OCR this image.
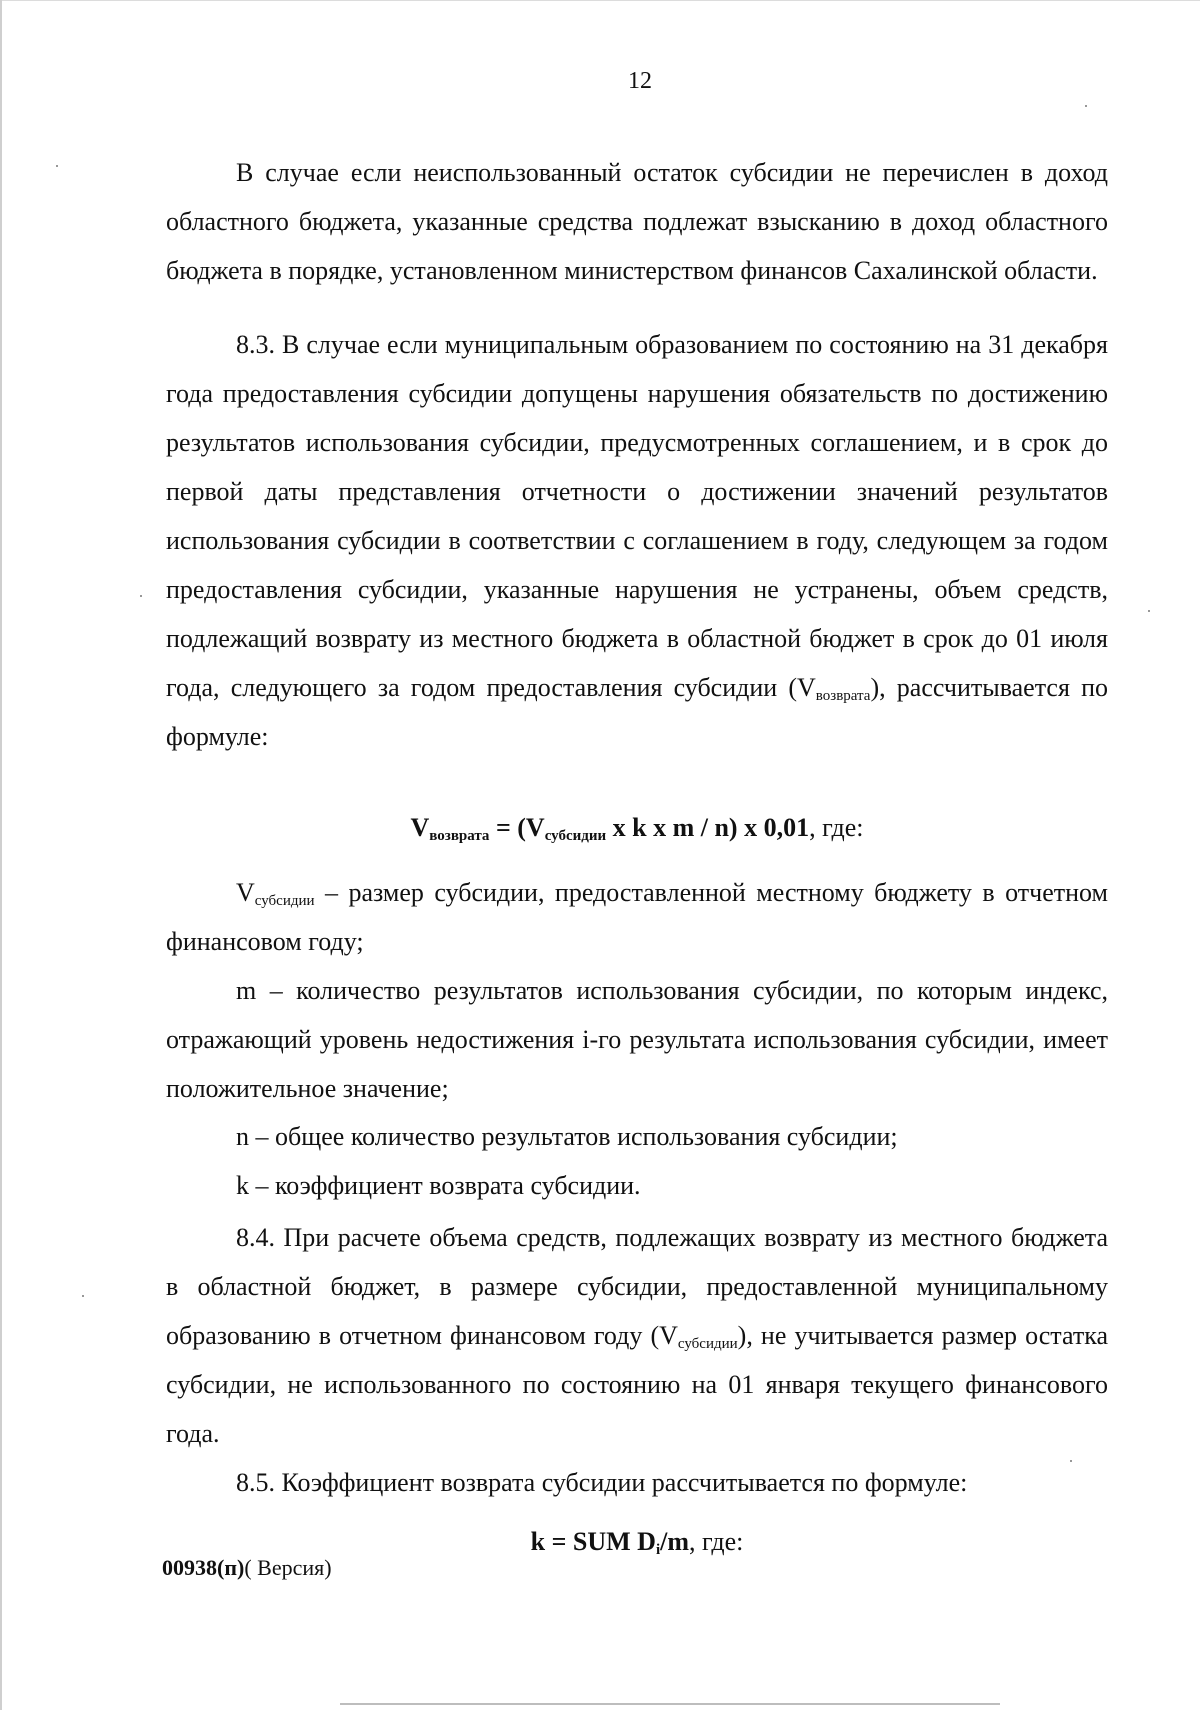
12

В случае если неиспользованный остаток субсидии не перечислен в доход областного бюджета, указанные средства подлежат взысканию в доход областного бюджета в порядке, установленном министерством финансов Сахалинской области.

8.3. В случае если муниципальным образованием по состоянию на 31 декабря года предоставления субсидии допущены нарушения обязательств по достижению результатов использования субсидии, предусмотренных соглашением, и в срок до первой даты представления отчетности о достижении значений результатов использования субсидии в соответствии с соглашением в году, следующем за годом предоставления субсидии, указанные нарушения не устранены, объем средств, подлежащий возврату из местного бюджета в областной бюджет в срок до 01 июля года, следующего за годом предоставления субсидии $(V_{возврата})$, рассчитывается по формуле:

$V_{возврата} = (V_{субсидии}$ x k x m / n) x 0,01, где:

$V_{субсидии}$ – размер субсидии, предоставленной местному бюджету в отчетном финансовом году;

m – количество результатов использования субсидии, по которым индекс, отражающий уровень недостижения i-го результата использования субсидии, имеет положительное значение;

n – общее количество результатов использования субсидии;

k – коэффициент возврата субсидии.

8.4. При расчете объема средств, подлежащих возврату из местного бюджета в областной бюджет, в размере субсидии, предоставленной муниципальному образованию в отчетном финансовом году $(V_{субсидии})$, не учитывается размер остатка субсидии, не использованного по состоянию на 01 января текущего финансового года.

8.5. Коэффициент возврата субсидии рассчитывается по формуле:

k = SUM $D_i/m$, где:
00938(п)( Версия)
